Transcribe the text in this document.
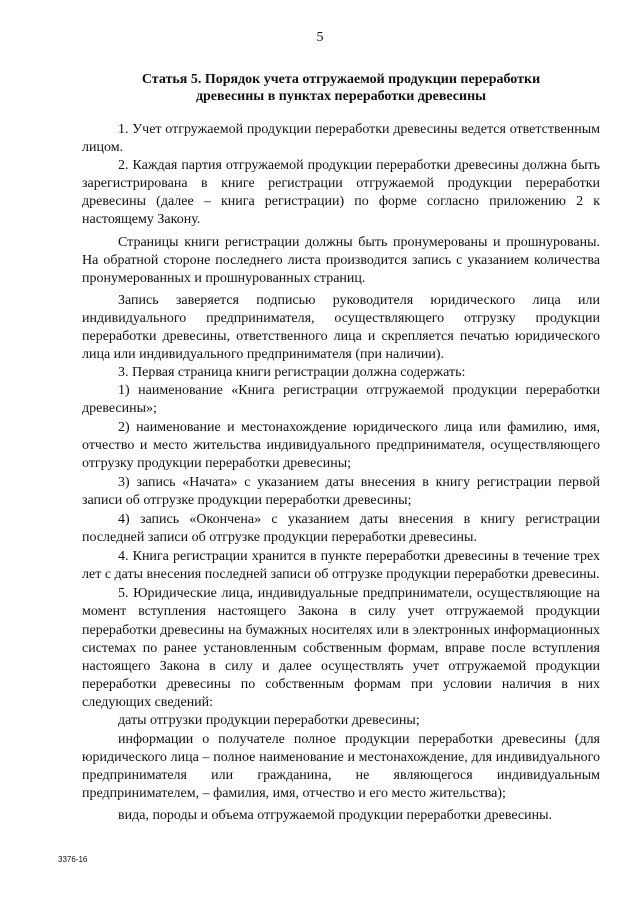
5
Статья 5. Порядок учета отгружаемой продукции переработки
древесины в пунктах переработки древесины

1. Учет отгружаемой продукции переработки древесины ведется ответственным лицом.

2. Каждая партия отгружаемой продукции переработки древесины должна быть зарегистрирована в книге регистрации отгружаемой продукции переработки древесины (далее – книга регистрации) по форме согласно приложению 2 к настоящему Закону.

Страницы книги регистрации должны быть пронумерованы и прошнурованы. На обратной стороне последнего листа производится запись с указанием количества пронумерованных и прошнурованных страниц.

Запись заверяется подписью руководителя юридического лица или индивидуального предпринимателя, осуществляющего отгрузку продукции переработки древесины, ответственного лица и скрепляется печатью юридического лица или индивидуального предпринимателя (при наличии).

3. Первая страница книги регистрации должна содержать:

1) наименование «Книга регистрации отгружаемой продукции переработки древесины»;

2) наименование и местонахождение юридического лица или фамилию, имя, отчество и место жительства индивидуального предпринимателя, осуществляющего отгрузку продукции переработки древесины;

3) запись «Начата» с указанием даты внесения в книгу регистрации первой записи об отгрузке продукции переработки древесины;

4) запись «Окончена» с указанием даты внесения в книгу регистрации последней записи об отгрузке продукции переработки древесины.

4. Книга регистрации хранится в пункте переработки древесины в течение трех лет с даты внесения последней записи об отгрузке продукции переработки древесины.

5. Юридические лица, индивидуальные предприниматели, осуществляющие на момент вступления настоящего Закона в силу учет отгружаемой продукции переработки древесины на бумажных носителях или в электронных информационных системах по ранее установленным собственным формам, вправе после вступления настоящего Закона в силу и далее осуществлять учет отгружаемой продукции переработки древесины по собственным формам при условии наличия в них следующих сведений:

даты отгрузки продукции переработки древесины;

информации о получателе полное продукции переработки древесины (для юридического лица – полное наименование и местонахождение, для индивидуального предпринимателя или гражданина, не являющегося индивидуальным предпринимателем, – фамилия, имя, отчество и его место жительства);

вида, породы и объема отгружаемой продукции переработки древесины.

3376-16
